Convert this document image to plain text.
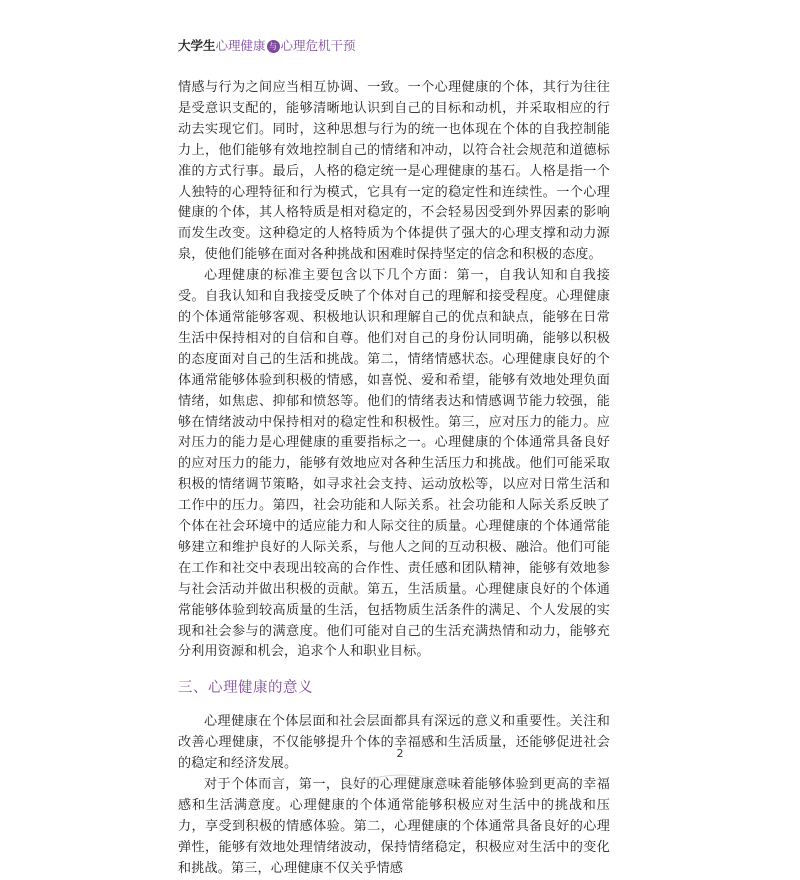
大学生 心理健康 与 心理危机干预

情感与行为之间应当相互协调、一致。一个心理健康的个体，其行为往往是受意识支配的，能够清晰地认识到自己的目标和动机，并采取相应的行动去实现它们。同时，这种思想与行为的统一也体现在个体的自我控制能力上，他们能够有效地控制自己的情绪和冲动，以符合社会规范和道德标准的方式行事。最后，人格的稳定统一是心理健康的基石。人格是指一个人独特的心理特征和行为模式，它具有一定的稳定性和连续性。一个心理健康的个体，其人格特质是相对稳定的，不会轻易因受到外界因素的影响而发生改变。这种稳定的人格特质为个体提供了强大的心理支撑和动力源泉，使他们能够在面对各种挑战和困难时保持坚定的信念和积极的态度。

心理健康的标准主要包含以下几个方面：第一，自我认知和自我接受。自我认知和自我接受反映了个体对自己的理解和接受程度。心理健康的个体通常能够客观、积极地认识和理解自己的优点和缺点，能够在日常生活中保持相对的自信和自尊。他们对自己的身份认同明确，能够以积极的态度面对自己的生活和挑战。第二，情绪情感状态。心理健康良好的个体通常能够体验到积极的情感，如喜悦、爱和希望，能够有效地处理负面情绪，如焦虑、抑郁和愤怒等。他们的情绪表达和情感调节能力较强，能够在情绪波动中保持相对的稳定性和积极性。第三，应对压力的能力。应对压力的能力是心理健康的重要指标之一。心理健康的个体通常具备良好的应对压力的能力，能够有效地应对各种生活压力和挑战。他们可能采取积极的情绪调节策略，如寻求社会支持、运动放松等，以应对日常生活和工作中的压力。第四，社会功能和人际关系。社会功能和人际关系反映了个体在社会环境中的适应能力和人际交往的质量。心理健康的个体通常能够建立和维护良好的人际关系，与他人之间的互动积极、融洽。他们可能在工作和社交中表现出较高的合作性、责任感和团队精神，能够有效地参与社会活动并做出积极的贡献。第五，生活质量。心理健康良好的个体通常能够体验到较高质量的生活，包括物质生活条件的满足、个人发展的实现和社会参与的满意度。他们可能对自己的生活充满热情和动力，能够充分利用资源和机会，追求个人和职业目标。

三、心理健康的意义

心理健康在个体层面和社会层面都具有深远的意义和重要性。关注和改善心理健康，不仅能够提升个体的幸福感和生活质量，还能够促进社会的稳定和经济发展。

对于个体而言，第一，良好的心理健康意味着能够体验到更高的幸福感和生活满意度。心理健康的个体通常能够积极应对生活中的挑战和压力，享受到积极的情感体验。第二，心理健康的个体通常具备良好的心理弹性，能够有效地处理情绪波动，保持情绪稳定，积极应对生活中的变化和挑战。第三，心理健康不仅关乎情感

2
